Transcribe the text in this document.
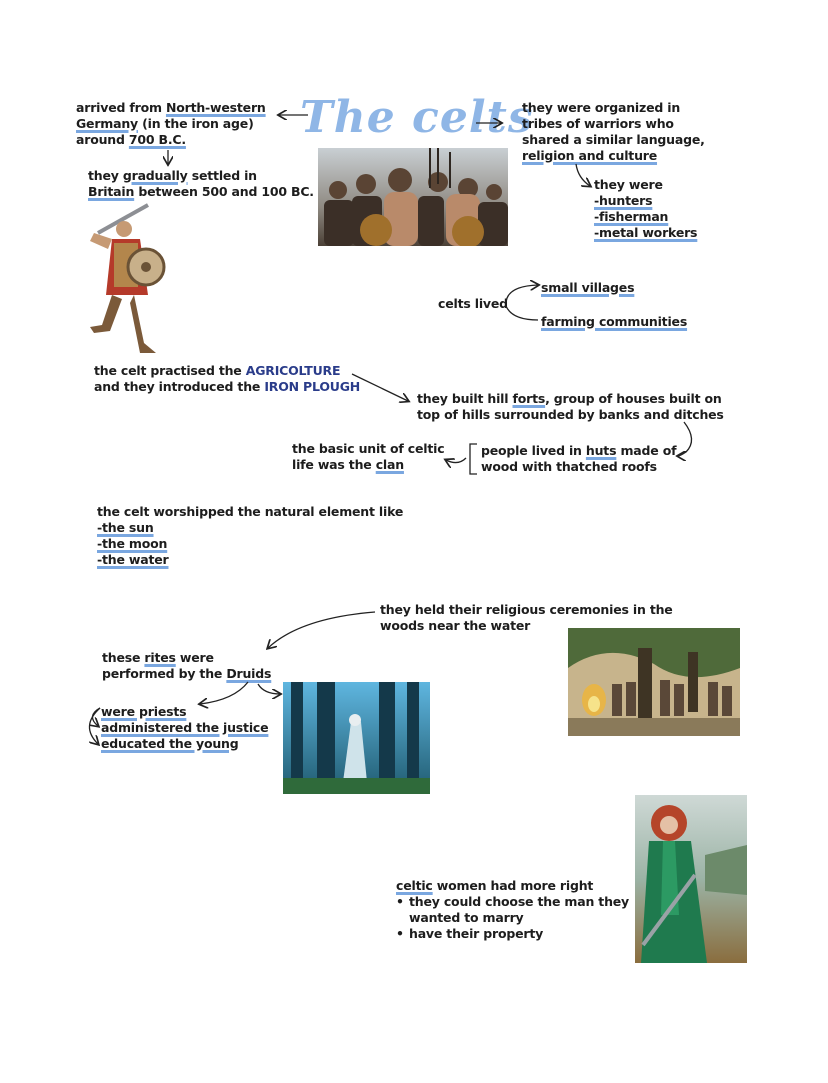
The celts
arrived from North-western
Germany (in the iron age)
around 700 B.C.
they gradually settled in
Britain between 500 and 100 BC.
they were organized in
tribes of warriors who
shared a similar language,
religion and culture
they were
-hunters
-fisherman
-metal workers
celts lived
small villages
farming communities
the celt practised the AGRICOLTURE
and they introduced the IRON PLOUGH
they built hill forts, group of houses built on
top of hills surrounded by banks and ditches
people lived in huts made of
wood with thatched roofs
the basic unit of celtic
life was the clan
the celt worshipped the natural element like
-the sun
-the moon
-the water
they held their religious ceremonies in the
woods near the water
these rites were
performed by the Druids
were priests
administered the justice
educated the young
celtic women had more right
• they could choose the man they
wanted to marry
• have their property
